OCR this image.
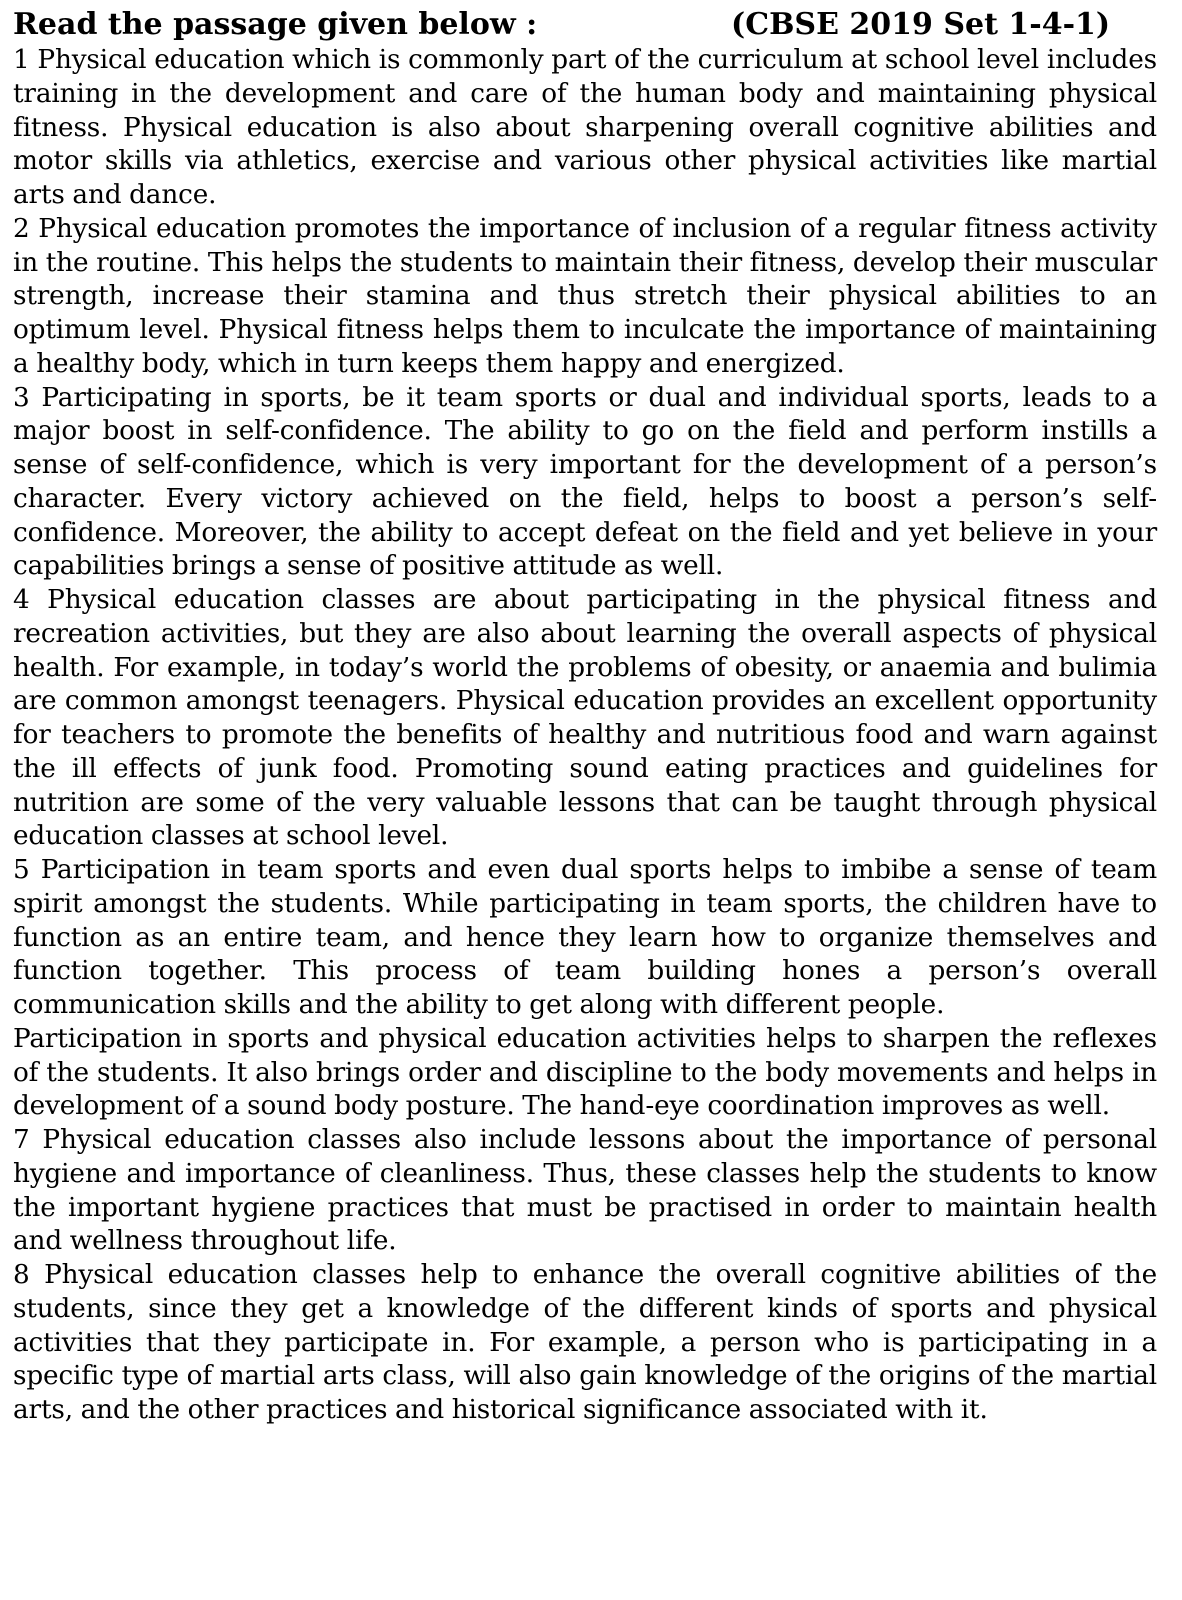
Read the passage given below :	(CBSE 2019 Set 1-4-1)

1 Physical education which is commonly part of the curriculum at school level includes training in the development and care of the human body and maintaining physical fitness. Physical education is also about sharpening overall cognitive abilities and motor skills via athletics, exercise and various other physical activities like martial arts and dance.

2 Physical education promotes the importance of inclusion of a regular fitness activity in the routine. This helps the students to maintain their fitness, develop their muscular strength, increase their stamina and thus stretch their physical abilities to an optimum level. Physical fitness helps them to inculcate the importance of maintaining a healthy body, which in turn keeps them happy and energized.

3 Participating in sports, be it team sports or dual and individual sports, leads to a major boost in self-confidence. The ability to go on the field and perform instills a sense of self-confidence, which is very important for the development of a person’s character. Every victory achieved on the field, helps to boost a person’s self-confidence. Moreover, the ability to accept defeat on the field and yet believe in your capabilities brings a sense of positive attitude as well.

4 Physical education classes are about participating in the physical fitness and recreation activities, but they are also about learning the overall aspects of physical health. For example, in today’s world the problems of obesity, or anaemia and bulimia are common amongst teenagers. Physical education provides an excellent opportunity for teachers to promote the benefits of healthy and nutritious food and warn against the ill effects of junk food. Promoting sound eating practices and guidelines for nutrition are some of the very valuable lessons that can be taught through physical education classes at school level.

5 Participation in team sports and even dual sports helps to imbibe a sense of team spirit amongst the students. While participating in team sports, the children have to function as an entire team, and hence they learn how to organize themselves and function together. This process of team building hones a person’s overall communication skills and the ability to get along with different people.

Participation in sports and physical education activities helps to sharpen the reflexes of the students. It also brings order and discipline to the body movements and helps in development of a sound body posture. The hand-eye coordination improves as well.

7 Physical education classes also include lessons about the importance of personal hygiene and importance of cleanliness. Thus, these classes help the students to know the important hygiene practices that must be practised in order to maintain health and wellness throughout life.

8 Physical education classes help to enhance the overall cognitive abilities of the students, since they get a knowledge of the different kinds of sports and physical activities that they participate in. For example, a person who is participating in a specific type of martial arts class, will also gain knowledge of the origins of the martial arts, and the other practices and historical significance associated with it.
